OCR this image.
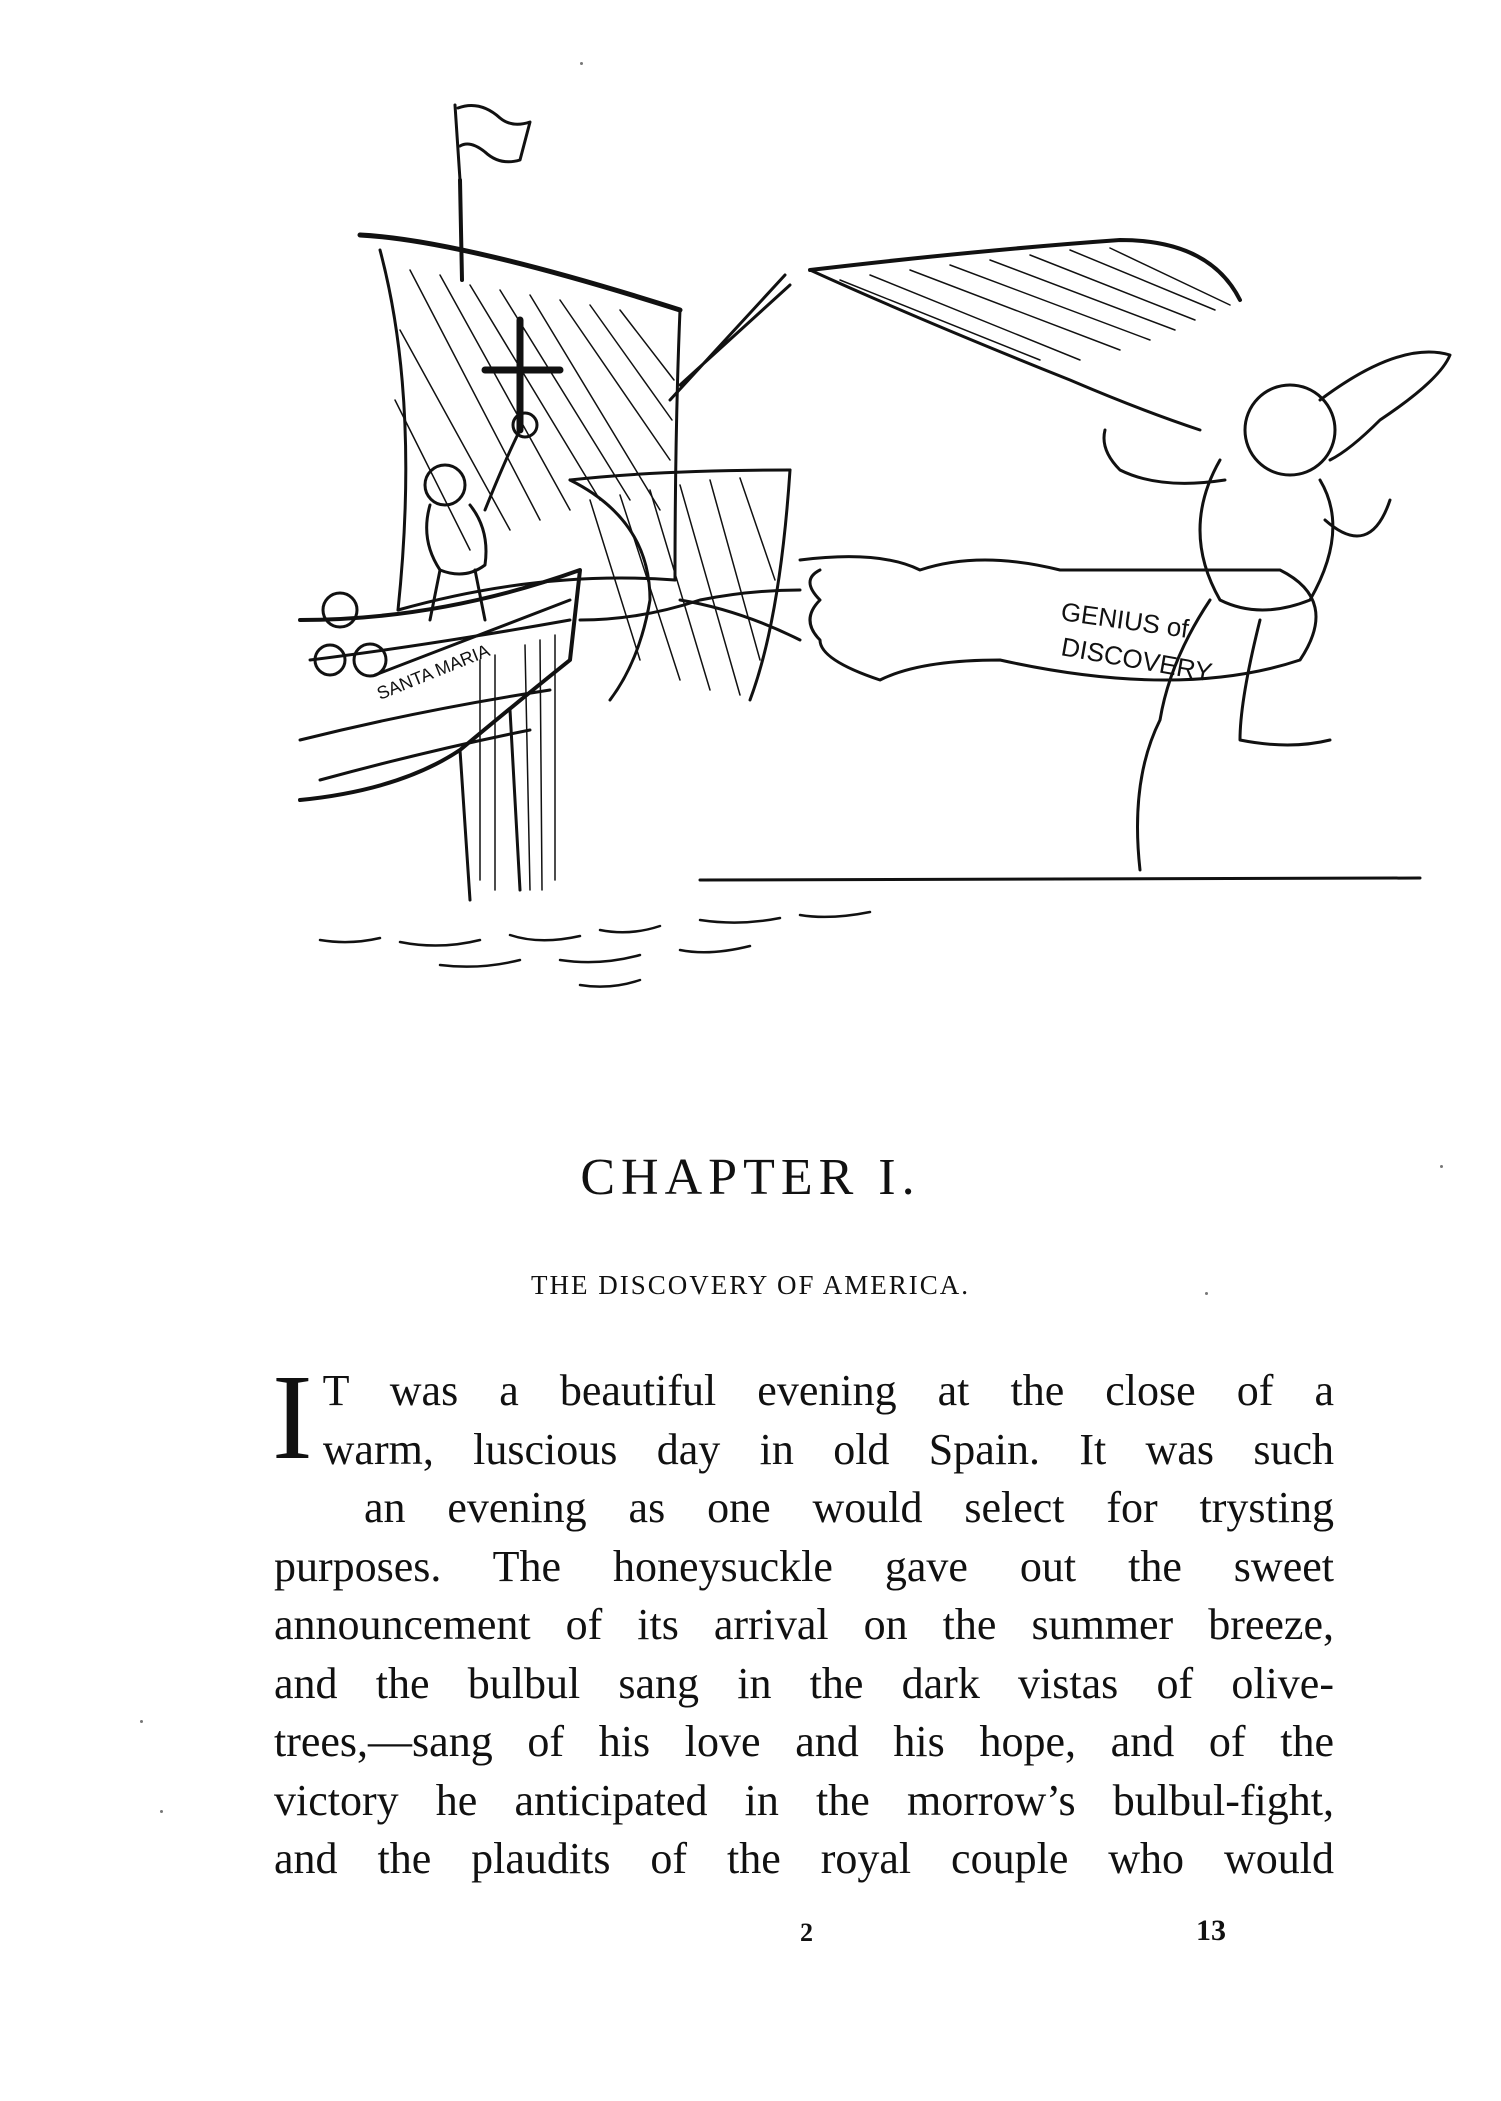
GENIUS of
DISCOVERY
SANTA MARIA
CHAPTER I.
THE DISCOVERY OF AMERICA.
I T was a beautiful evening at the close of a
warm, luscious day in old Spain. It was such
an evening as one would select for trysting
purposes. The honeysuckle gave out the sweet
announcement of its arrival on the summer breeze,
and the bulbul sang in the dark vistas of olive-
trees,—sang of his love and his hope, and of the
victory he anticipated in the morrow’s bulbul-fight,
and the plaudits of the royal couple who would
2	13
